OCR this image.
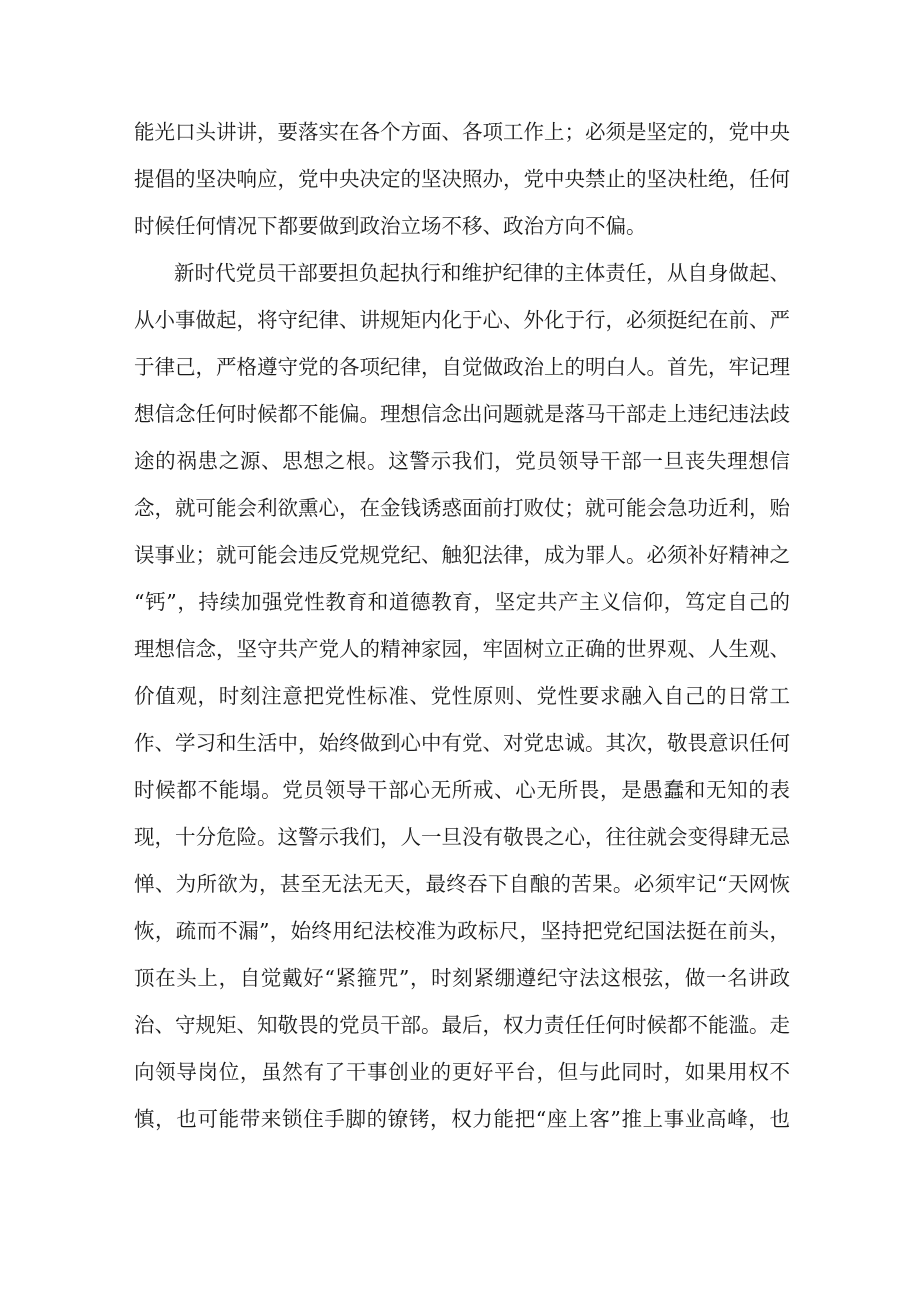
能光口头讲讲，要落实在各个方面、各项工作上；必须是坚定的，党中央
提倡的坚决响应，党中央决定的坚决照办，党中央禁止的坚决杜绝，任何
时候任何情况下都要做到政治立场不移、政治方向不偏。
新时代党员干部要担负起执行和维护纪律的主体责任，从自身做起、
从小事做起，将守纪律、讲规矩内化于心、外化于行，必须挺纪在前、严
于律己，严格遵守党的各项纪律，自觉做政治上的明白人。首先，牢记理
想信念任何时候都不能偏。理想信念出问题就是落马干部走上违纪违法歧
途的祸患之源、思想之根。这警示我们，党员领导干部一旦丧失理想信
念，就可能会利欲熏心，在金钱诱惑面前打败仗；就可能会急功近利，贻
误事业；就可能会违反党规党纪、触犯法律，成为罪人。必须补好精神之
“钙”，持续加强党性教育和道德教育，坚定共产主义信仰，笃定自己的
理想信念，坚守共产党人的精神家园，牢固树立正确的世界观、人生观、
价值观，时刻注意把党性标准、党性原则、党性要求融入自己的日常工
作、学习和生活中，始终做到心中有党、对党忠诚。其次，敬畏意识任何
时候都不能塌。党员领导干部心无所戒、心无所畏，是愚蠢和无知的表
现，十分危险。这警示我们，人一旦没有敬畏之心，往往就会变得肆无忌
惮、为所欲为，甚至无法无天，最终吞下自酿的苦果。必须牢记“天网恢
恢，疏而不漏”，始终用纪法校准为政标尺，坚持把党纪国法挺在前头，
顶在头上，自觉戴好“紧箍咒”，时刻紧绷遵纪守法这根弦，做一名讲政
治、守规矩、知敬畏的党员干部。最后，权力责任任何时候都不能滥。走
向领导岗位，虽然有了干事创业的更好平台，但与此同时，如果用权不
慎，也可能带来锁住手脚的镣铐，权力能把“座上客”推上事业高峰，也
